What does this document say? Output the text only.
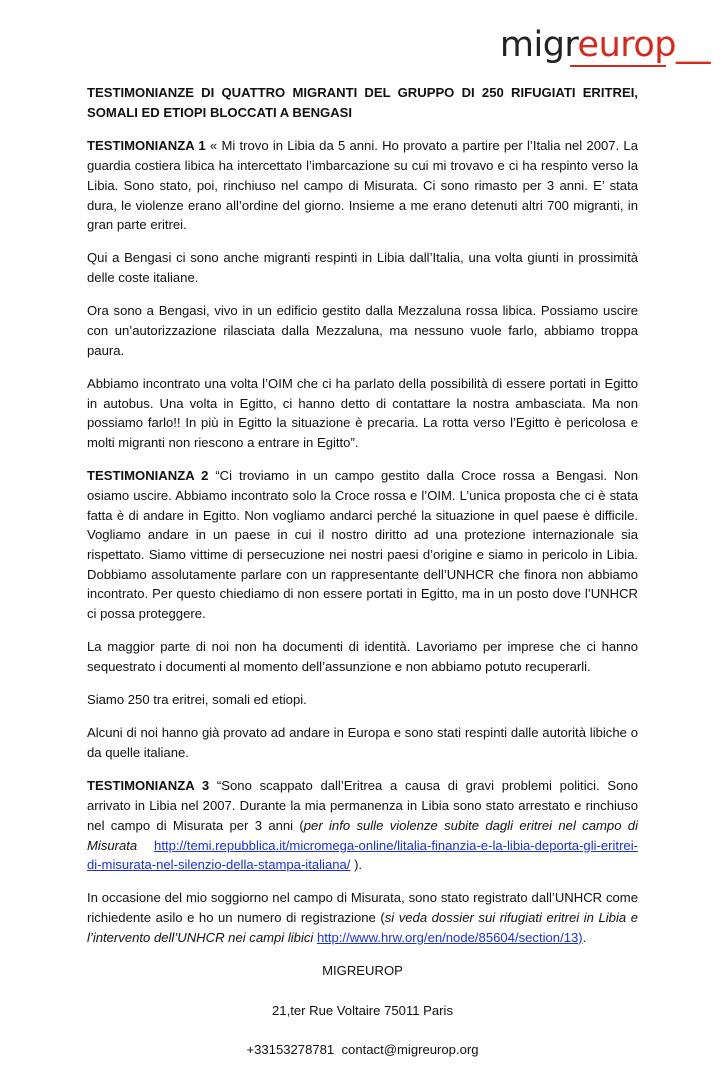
migreurop__
TESTIMONIANZE DI QUATTRO MIGRANTI DEL GRUPPO DI 250 RIFUGIATI ERITREI, SOMALI ED ETIOPI BLOCCATI A BENGASI

TESTIMONIANZA 1 « Mi trovo in Libia da 5 anni. Ho provato a partire per l’Italia nel 2007. La guardia costiera libica ha intercettato l’imbarcazione su cui mi trovavo e ci ha respinto verso la Libia. Sono stato, poi, rinchiuso nel campo di Misurata. Ci sono rimasto per 3 anni. E’ stata dura, le violenze erano all’ordine del giorno. Insieme a me erano detenuti altri 700 migranti, in gran parte eritrei.

Qui a Bengasi ci sono anche migranti respinti in Libia dall’Italia, una volta giunti in prossimità delle coste italiane.

Ora sono a Bengasi, vivo in un edificio gestito dalla Mezzaluna rossa libica. Possiamo uscire con un’autorizzazione rilasciata dalla Mezzaluna, ma nessuno vuole farlo, abbiamo troppa paura.

Abbiamo incontrato una volta l’OIM che ci ha parlato della possibilità di essere portati in Egitto in autobus. Una volta in Egitto, ci hanno detto di contattare la nostra ambasciata. Ma non possiamo farlo!! In più in Egitto la situazione è precaria. La rotta verso l’Egitto è pericolosa e molti migranti non riescono a entrare in Egitto”.

TESTIMONIANZA 2 “Ci troviamo in un campo gestito dalla Croce rossa a Bengasi. Non osiamo uscire. Abbiamo incontrato solo la Croce rossa e l’OIM. L’unica proposta che ci è stata fatta è di andare in Egitto. Non vogliamo andarci perché la situazione in quel paese è difficile. Vogliamo andare in un paese in cui il nostro diritto ad una protezione internazionale sia rispettato. Siamo vittime di persecuzione nei nostri paesi d’origine e siamo in pericolo in Libia. Dobbiamo assolutamente parlare con un rappresentante dell’UNHCR che finora non abbiamo incontrato. Per questo chiediamo di non essere portati in Egitto, ma in un posto dove l’UNHCR ci possa proteggere.

La maggior parte di noi non ha documenti di identità. Lavoriamo per imprese che ci hanno sequestrato i documenti al momento dell’assunzione e non abbiamo potuto recuperarli.

Siamo 250 tra eritrei, somali ed etiopi.

Alcuni di noi hanno già provato ad andare in Europa e sono stati respinti dalle autorità libiche o da quelle italiane.

TESTIMONIANZA 3 “Sono scappato dall’Eritrea a causa di gravi problemi politici. Sono arrivato in Libia nel 2007. Durante la mia permanenza in Libia sono stato arrestato e rinchiuso nel campo di Misurata per 3 anni (per info sulle violenze subite dagli eritrei nel campo di Misurata http://temi.repubblica.it/micromega-online/litalia-finanzia-e-la-libia-deporta-gli-eritrei-di-misurata-nel-silenzio-della-stampa-italiana/ ).

In occasione del mio soggiorno nel campo di Misurata, sono stato registrato dall’UNHCR come richiedente asilo e ho un numero di registrazione (si veda dossier sui rifugiati eritrei in Libia e l’intervento dell’UNHCR nei campi libici http://www.hrw.org/en/node/85604/section/13).

MIGREUROP

21,ter Rue Voltaire 75011 Paris

+33153278781 contact@migreurop.org
